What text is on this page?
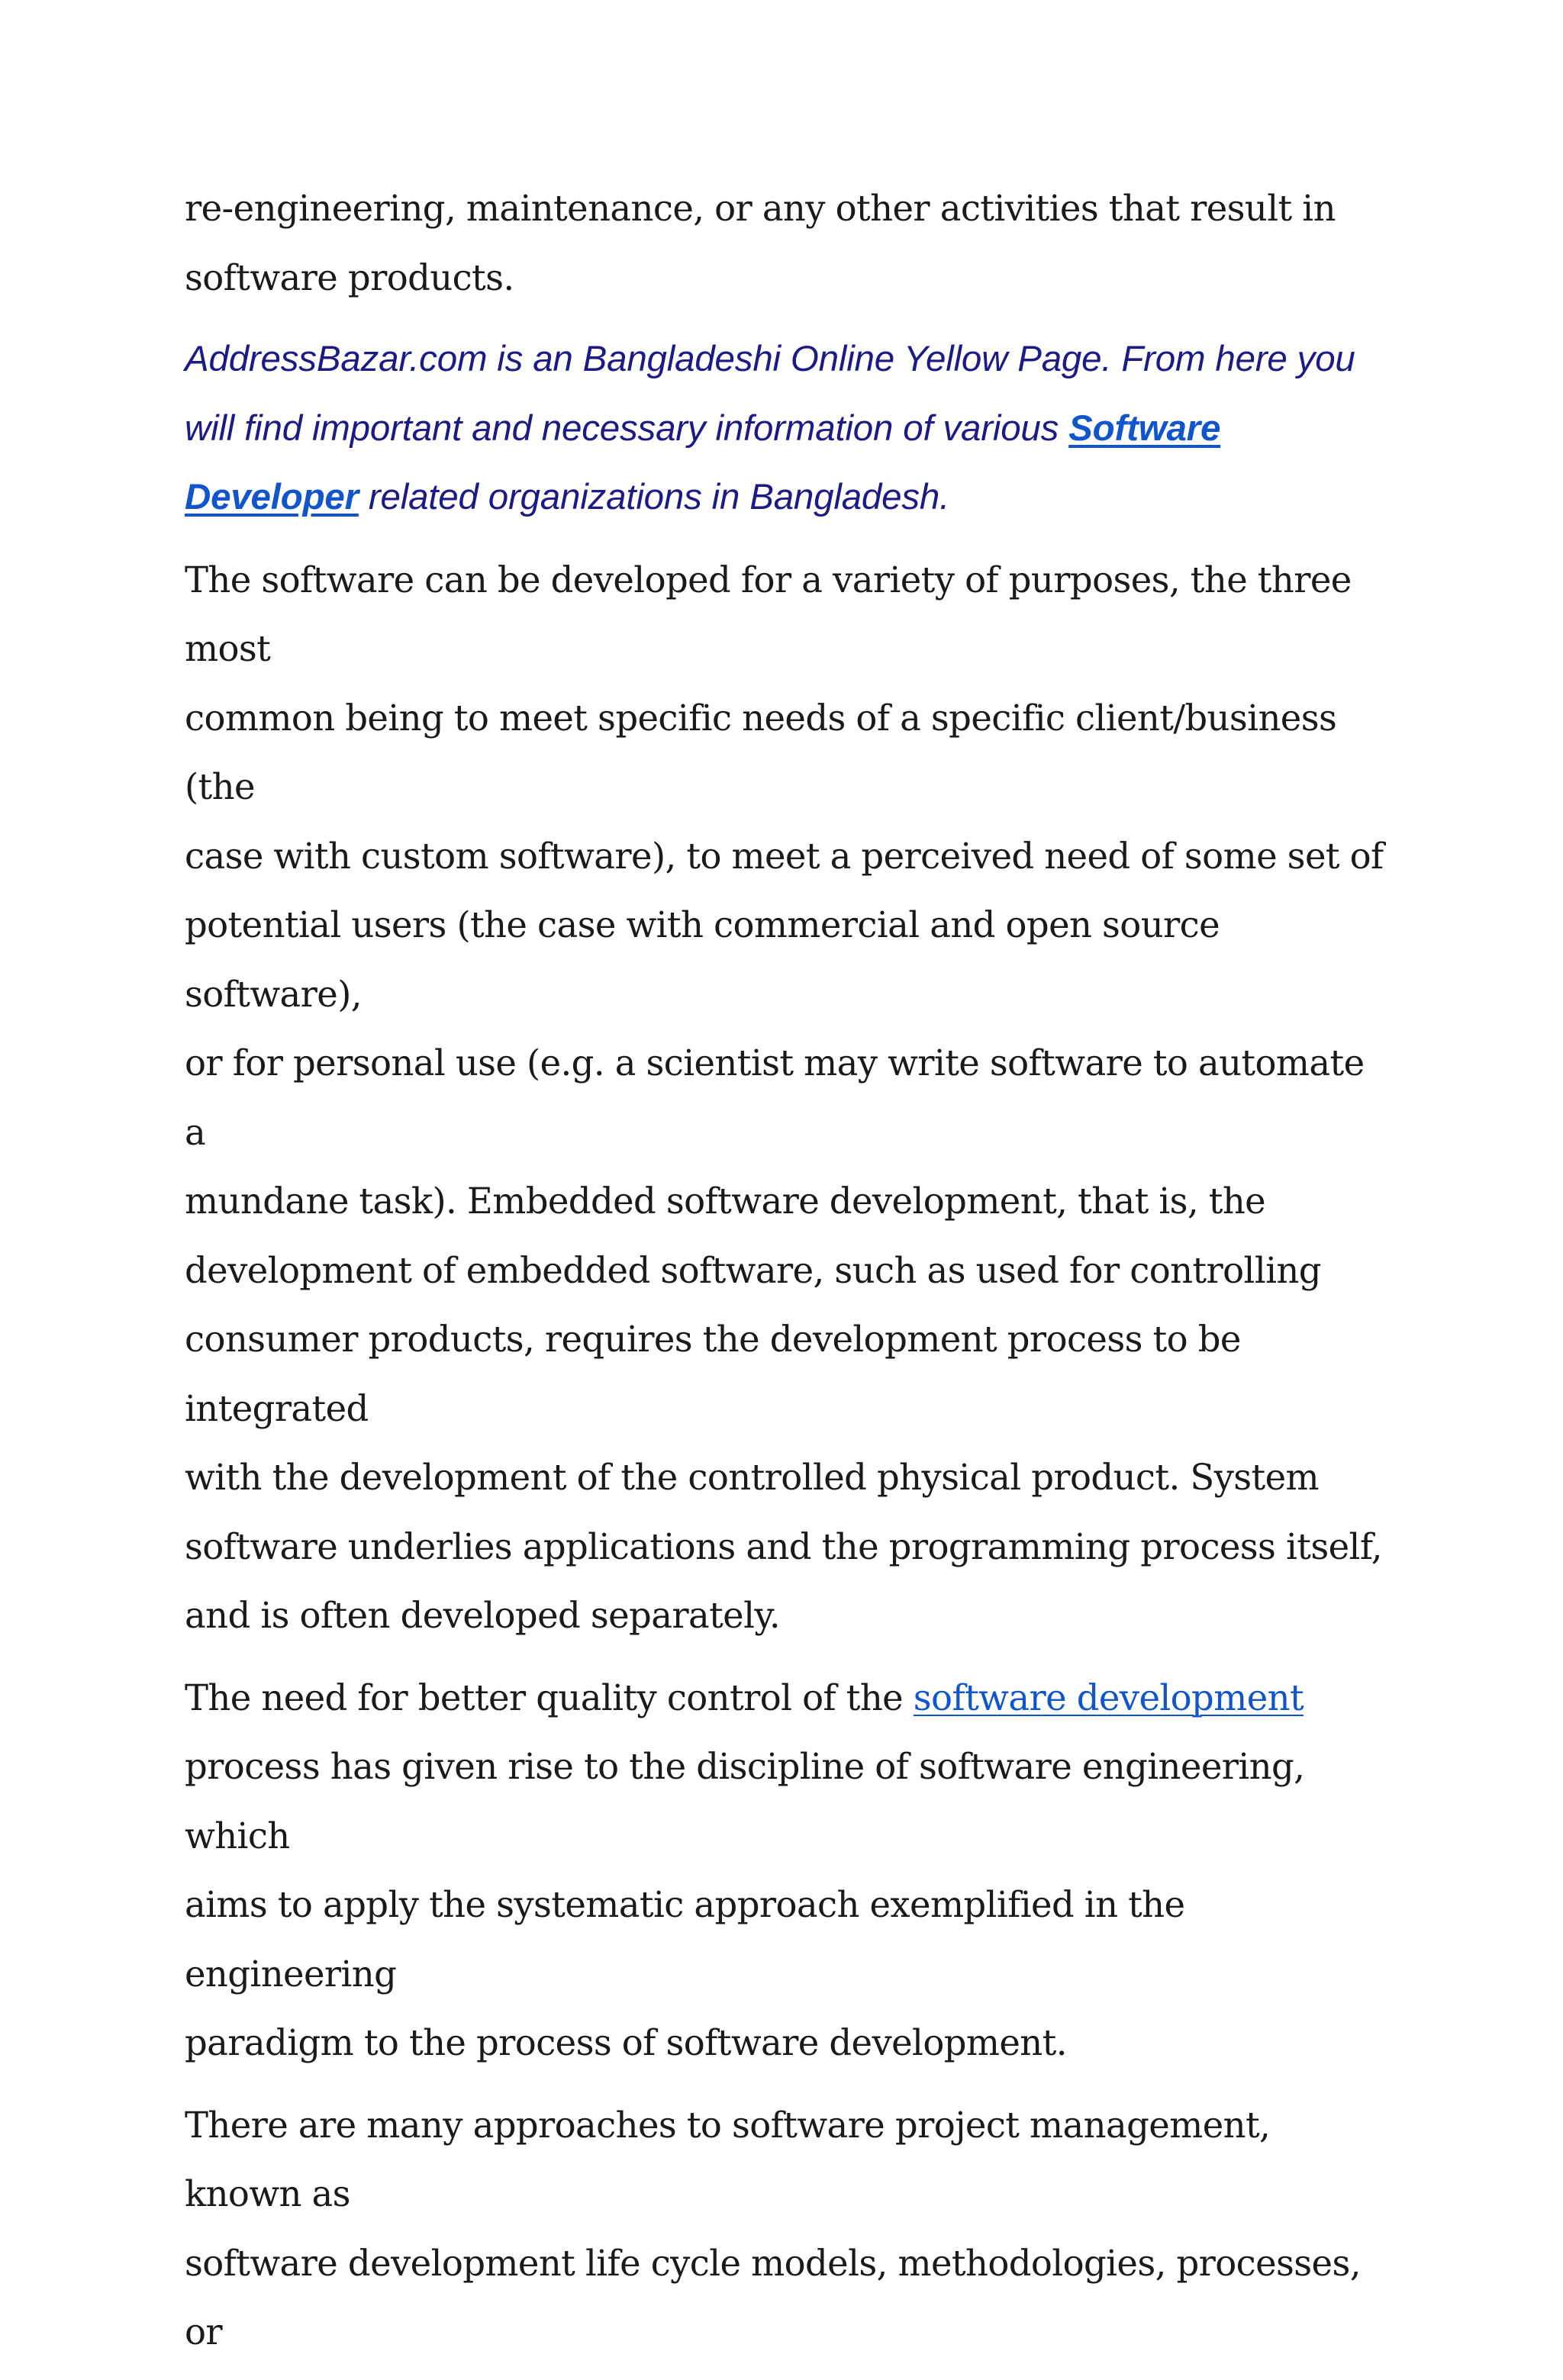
re-engineering, maintenance, or any other activities that result in
software products.

AddressBazar.com is an Bangladeshi Online Yellow Page. From here you
will find important and necessary information of various Software
Developer related organizations in Bangladesh.

The software can be developed for a variety of purposes, the three most
common being to meet specific needs of a specific client/business (the
case with custom software), to meet a perceived need of some set of
potential users (the case with commercial and open source software),
or for personal use (e.g. a scientist may write software to automate a
mundane task). Embedded software development, that is, the
development of embedded software, such as used for controlling
consumer products, requires the development process to be integrated
with the development of the controlled physical product. System
software underlies applications and the programming process itself,
and is often developed separately.

The need for better quality control of the software development
process has given rise to the discipline of software engineering, which
aims to apply the systematic approach exemplified in the engineering
paradigm to the process of software development.

There are many approaches to software project management, known as
software development life cycle models, methodologies, processes, or
